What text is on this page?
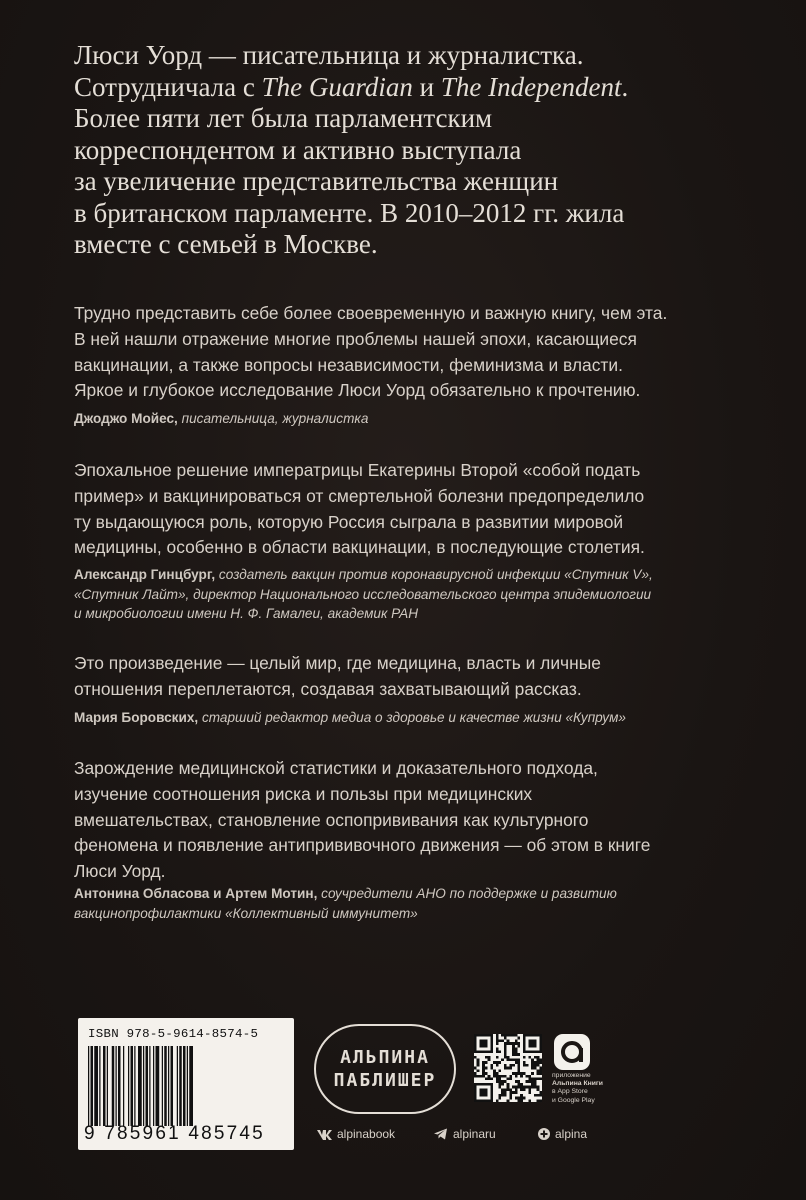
Люси Уорд — писательница и журналистка.
Сотрудничала с The Guardian и The Independent.
Более пяти лет была парламентским
корреспондентом и активно выступала
за увеличение представительства женщин
в британском парламенте. В 2010–2012 гг. жила
вместе с семьей в Москве.
Трудно представить себе более своевременную и важную книгу, чем эта.
В ней нашли отражение многие проблемы нашей эпохи, касающиеся
вакцинации, а также вопросы независимости, феминизма и власти.
Яркое и глубокое исследование Люси Уорд обязательно к прочтению.
Джоджо Мойес, писательница, журналистка
Эпохальное решение императрицы Екатерины Второй «собой подать
пример» и вакцинироваться от смертельной болезни предопределило
ту выдающуюся роль, которую Россия сыграла в развитии мировой
медицины, особенно в области вакцинации, в последующие столетия.
Александр Гинцбург, создатель вакцин против коронавирусной инфекции «Спутник V»,
«Спутник Лайт», директор Национального исследовательского центра эпидемиологии
и микробиологии имени Н. Ф. Гамалеи, академик РАН
Это произведение — целый мир, где медицина, власть и личные
отношения переплетаются, создавая захватывающий рассказ.
Мария Боровских, старший редактор медиа о здоровье и качестве жизни «Купрум»
Зарождение медицинской статистики и доказательного подхода,
изучение соотношения риска и пользы при медицинских
вмешательствах, становление оспопрививания как культурного
феномена и появление антипрививочного движения — об этом в книге
Люси Уорд.
Антонина Обласова и Артем Мотин, соучредители АНО по поддержке и развитию
вакцинопрофилактики «Коллективный иммунитет»
ISBN 978-5-9614-8574-5
9 785961 485745
АЛЬПИНА
ПАБЛИШЕР	приложение
Альпина Книги
в App Store
и Google Play
alpinabook	alpinaru	alpina
